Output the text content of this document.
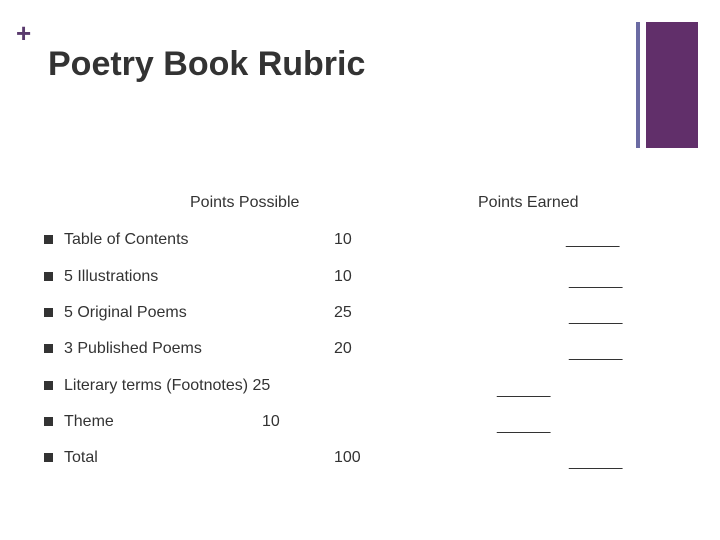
+
Poetry Book Rubric
Points Possible	Points Earned
Table of Contents	10	______
5 Illustrations	10	______
5 Original Poems	25	______
3 Published Poems	20	______
Literary terms (Footnotes) 25	______
Theme	10	______
Total	100	______
